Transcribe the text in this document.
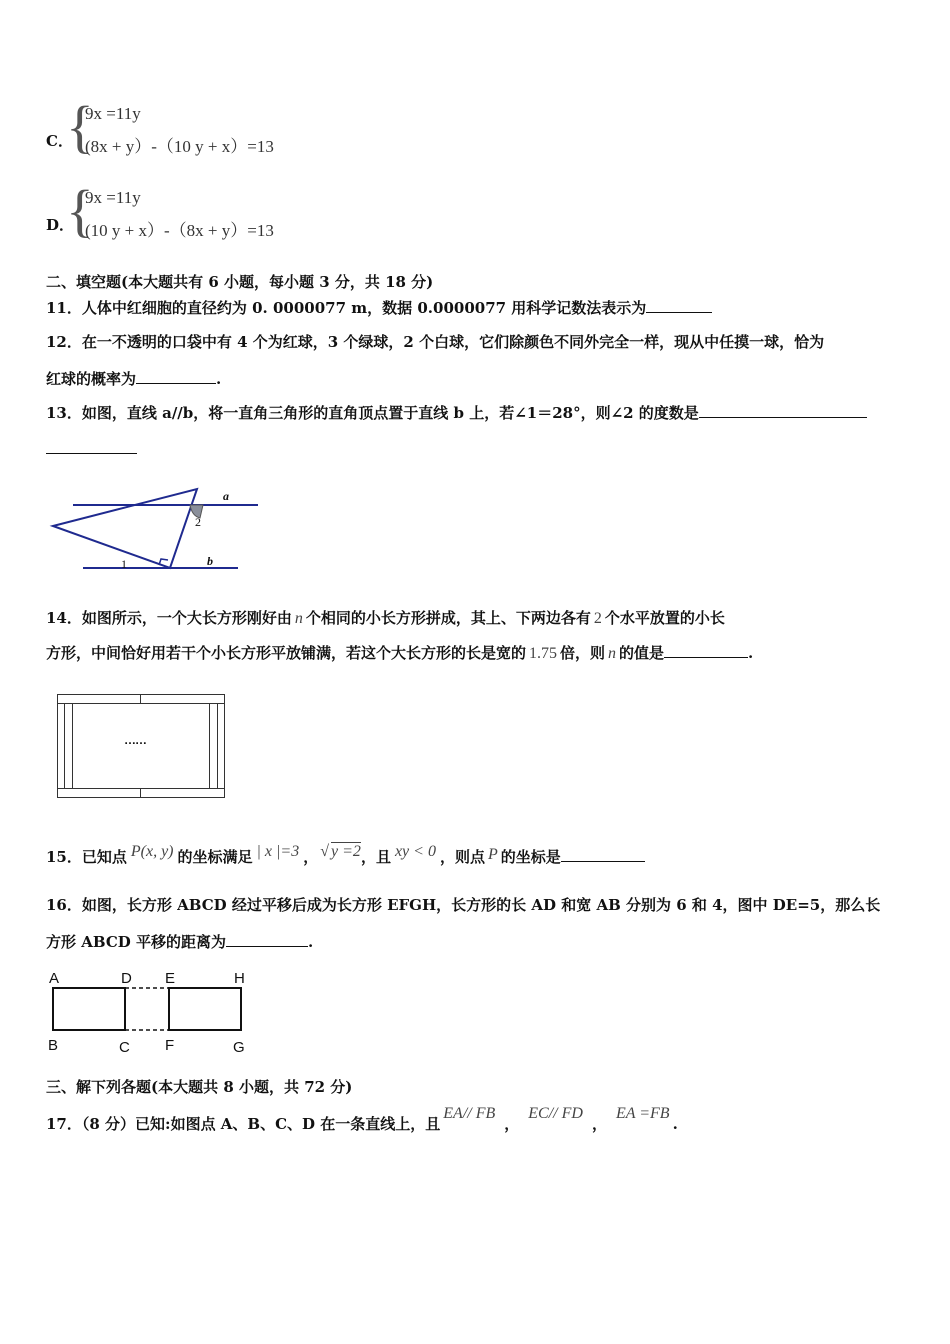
C．
{
9x =11y
(8x + y）-（10 y + x）=13
D．
{
9x =11y
(10 y + x）-（8x + y）=13
二、填空题(本大题共有 6 小题，每小题 3 分，共 18 分)
11．人体中红细胞的直径约为 0. 0000077 m，数据 0.0000077 用科学记数法表示为
12．在一不透明的口袋中有 4 个为红球，3 个绿球，2 个白球，它们除颜色不同外完全一样，现从中任摸一球，恰为
红球的概率为	.
13．如图，直线 a//b，将一直角三角形的直角顶点置于直线 b 上，若∠1＝28°，则∠2 的度数是
a
b
1
2
14．如图所示，一个大长方形刚好由 n 个相同的小长方形拼成，其上、下两边各有 2 个水平放置的小长
方形，中间恰好用若干个小长方形平放铺满，若这个大长方形的长是宽的 1.75 倍，则 n 的值是	.
……
15．已知点 P(x, y) 的坐标满足 | x |=3 ， √ y =2，且 xy < 0 ，则点 P 的坐标是
16．如图，长方形 ABCD 经过平移后成为长方形 EFGH，长方形的长 AD 和宽 AB 分别为 6 和 4，图中 DE=5，那么长
方形 ABCD 平移的距离为	.
A	D E	H
B	C F	G
三、解下列各题(本大题共 8 小题，共 72 分)
17．（8 分）已知:如图点 A、B、C、D 在一条直线上，且EA// FB，EC// FD，EA =FB.
